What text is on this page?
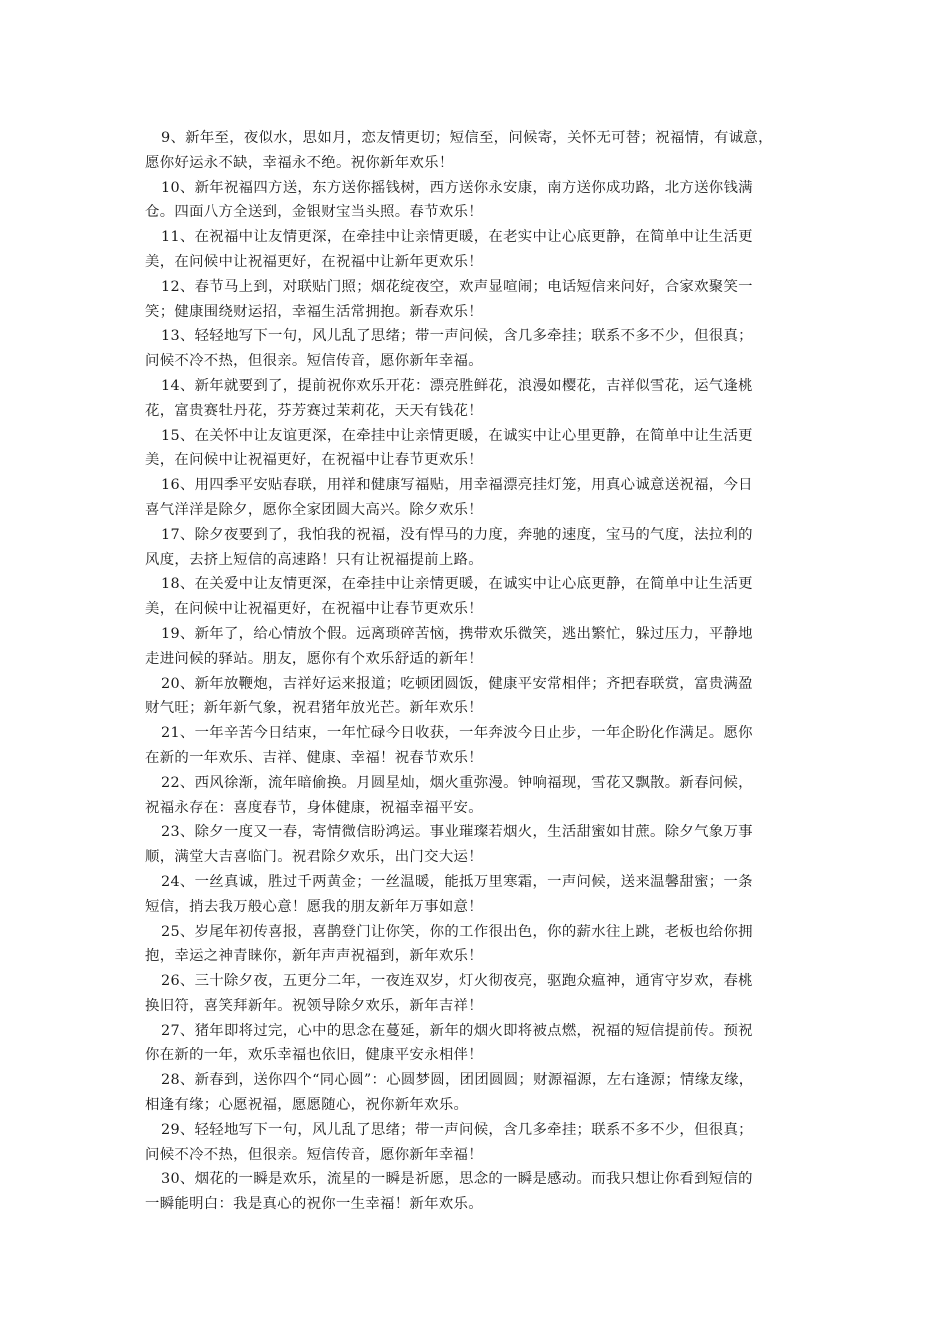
9、新年至，夜似水，思如月，恋友情更切；短信至，问候寄，关怀无可替；祝福情，有诚意，
愿你好运永不缺，幸福永不绝。祝你新年欢乐！

10、新年祝福四方送，东方送你摇钱树，西方送你永安康，南方送你成功路，北方送你钱满
仓。四面八方全送到，金银财宝当头照。春节欢乐！

11、在祝福中让友情更深，在牵挂中让亲情更暖，在老实中让心底更静，在简单中让生活更
美，在问候中让祝福更好，在祝福中让新年更欢乐！

12、春节马上到，对联贴门照；烟花绽夜空，欢声显喧闹；电话短信来问好，合家欢聚笑一
笑；健康围绕财运招，幸福生活常拥抱。新春欢乐！

13、轻轻地写下一句，风儿乱了思绪；带一声问候，含几多牵挂；联系不多不少，但很真；
问候不冷不热，但很亲。短信传音，愿你新年幸福。

14、新年就要到了，提前祝你欢乐开花：漂亮胜鲜花，浪漫如樱花，吉祥似雪花，运气逢桃
花，富贵赛牡丹花，芬芳赛过茉莉花，天天有钱花！

15、在关怀中让友谊更深，在牵挂中让亲情更暖，在诚实中让心里更静，在简单中让生活更
美，在问候中让祝福更好，在祝福中让春节更欢乐！

16、用四季平安贴春联，用祥和健康写福贴，用幸福漂亮挂灯笼，用真心诚意送祝福，今日
喜气洋洋是除夕，愿你全家团圆大高兴。除夕欢乐！

17、除夕夜要到了，我怕我的祝福，没有悍马的力度，奔驰的速度，宝马的气度，法拉利的
风度，去挤上短信的高速路！只有让祝福提前上路。

18、在关爱中让友情更深，在牵挂中让亲情更暖，在诚实中让心底更静，在简单中让生活更
美，在问候中让祝福更好，在祝福中让春节更欢乐！

19、新年了，给心情放个假。远离琐碎苦恼，携带欢乐微笑，逃出繁忙，躲过压力，平静地
走进问候的驿站。朋友，愿你有个欢乐舒适的新年！

20、新年放鞭炮，吉祥好运来报道；吃顿团圆饭，健康平安常相伴；齐把春联赏，富贵满盈
财气旺；新年新气象，祝君猪年放光芒。新年欢乐！

21、一年辛苦今日结束，一年忙碌今日收获，一年奔波今日止步，一年企盼化作满足。愿你
在新的一年欢乐、吉祥、健康、幸福！祝春节欢乐！

22、西风徐渐，流年暗偷换。月圆星灿，烟火重弥漫。钟响福现，雪花又飘散。新春问候，
祝福永存在：喜度春节，身体健康，祝福幸福平安。

23、除夕一度又一春，寄情微信盼鸿运。事业璀璨若烟火，生活甜蜜如甘蔗。除夕气象万事
顺，满堂大吉喜临门。祝君除夕欢乐，出门交大运！

24、一丝真诚，胜过千两黄金；一丝温暖，能抵万里寒霜，一声问候，送来温馨甜蜜；一条
短信，捎去我万般心意！愿我的朋友新年万事如意！

25、岁尾年初传喜报，喜鹊登门让你笑，你的工作很出色，你的薪水往上跳，老板也给你拥
抱，幸运之神青睐你，新年声声祝福到，新年欢乐！

26、三十除夕夜，五更分二年，一夜连双岁，灯火彻夜亮，驱跑众瘟神，通宵守岁欢，春桃
换旧符，喜笑拜新年。祝领导除夕欢乐，新年吉祥！

27、猪年即将过完，心中的思念在蔓延，新年的烟火即将被点燃，祝福的短信提前传。预祝
你在新的一年，欢乐幸福也依旧，健康平安永相伴！

28、新春到，送你四个“同心圆”：心圆梦圆，团团圆圆；财源福源，左右逢源；情缘友缘，
相逢有缘；心愿祝福，愿愿随心，祝你新年欢乐。

29、轻轻地写下一句，风儿乱了思绪；带一声问候，含几多牵挂；联系不多不少，但很真；
问候不冷不热，但很亲。短信传音，愿你新年幸福！

30、烟花的一瞬是欢乐，流星的一瞬是祈愿，思念的一瞬是感动。而我只想让你看到短信的
一瞬能明白：我是真心的祝你一生幸福！新年欢乐。
